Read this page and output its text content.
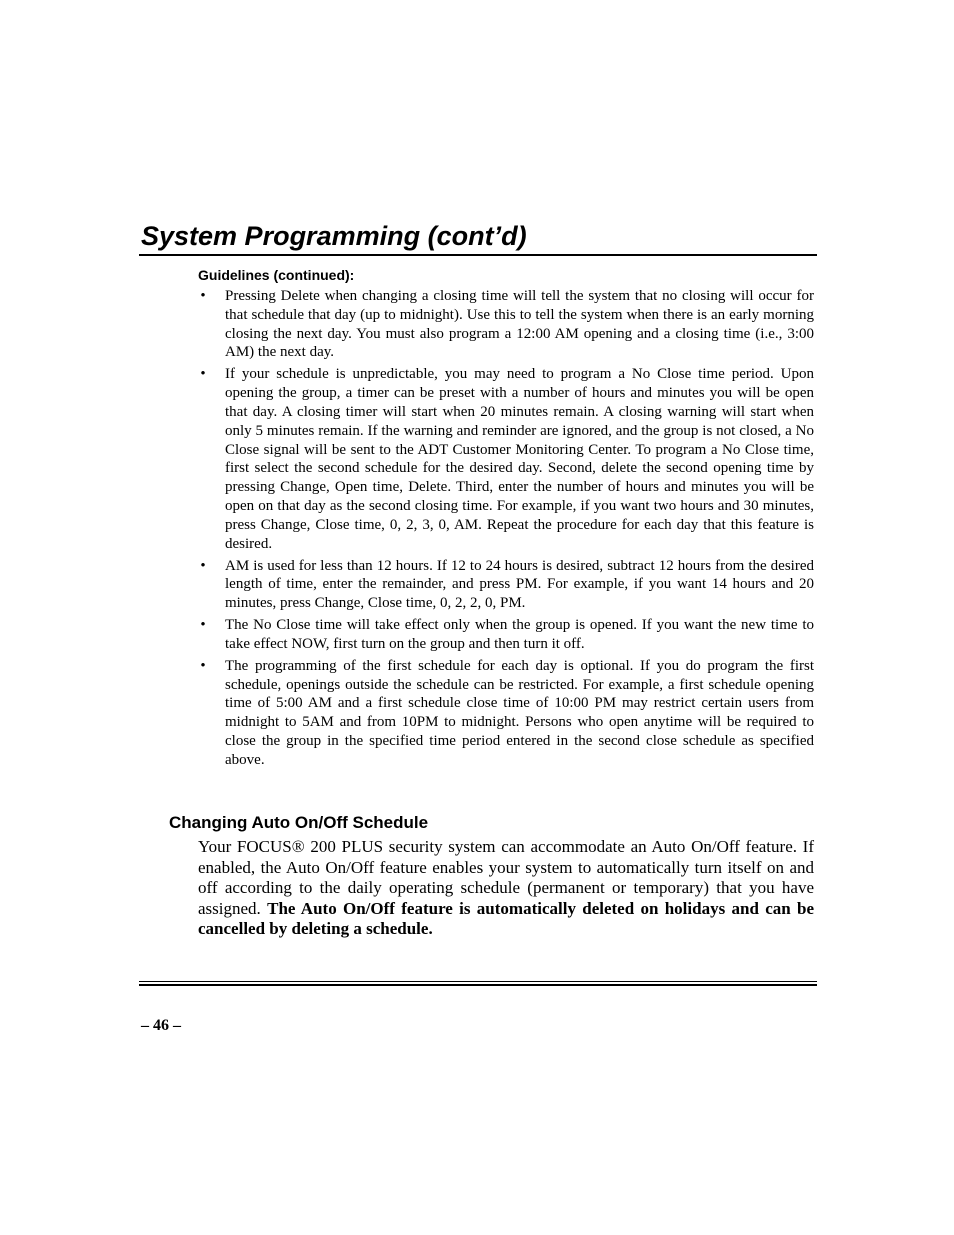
System Programming (cont’d)
Guidelines (continued):
• Pressing Delete when changing a closing time will tell the system that no closing will occur for that schedule that day (up to midnight). Use this to tell the system when there is an early morning closing the next day. You must also program a 12:00 AM opening and a closing time (i.e., 3:00 AM) the next day.
• If your schedule is unpredictable, you may need to program a No Close time period. Upon opening the group, a timer can be preset with a number of hours and minutes you will be open that day. A closing timer will start when 20 minutes remain. A closing warning will start when only 5 minutes remain. If the warning and reminder are ignored, and the group is not closed, a No Close signal will be sent to the ADT Customer Monitoring Center. To program a No Close time, first select the second schedule for the desired day. Second, delete the second opening time by pressing Change, Open time, Delete. Third, enter the number of hours and minutes you will be open on that day as the second closing time. For example, if you want two hours and 30 minutes, press Change, Close time, 0, 2, 3, 0, AM. Repeat the procedure for each day that this feature is desired.
• AM is used for less than 12 hours. If 12 to 24 hours is desired, subtract 12 hours from the desired length of time, enter the remainder, and press PM. For example, if you want 14 hours and 20 minutes, press Change, Close time, 0, 2, 2, 0, PM.
• The No Close time will take effect only when the group is opened. If you want the new time to take effect NOW, first turn on the group and then turn it off.
• The programming of the first schedule for each day is optional. If you do program the first schedule, openings outside the schedule can be restricted. For example, a first schedule opening time of 5:00 AM and a first schedule close time of 10:00 PM may restrict certain users from midnight to 5AM and from 10PM to midnight. Persons who open anytime will be required to close the group in the specified time period entered in the second close schedule as specified above.
Changing Auto On/Off Schedule

Your FOCUS® 200 PLUS security system can accommodate an Auto On/Off feature. If enabled, the Auto On/Off feature enables your system to automatically turn itself on and off according to the daily operating schedule (permanent or temporary) that you have assigned. The Auto On/Off feature is automatically deleted on holidays and can be cancelled by deleting a schedule.

– 46 –
